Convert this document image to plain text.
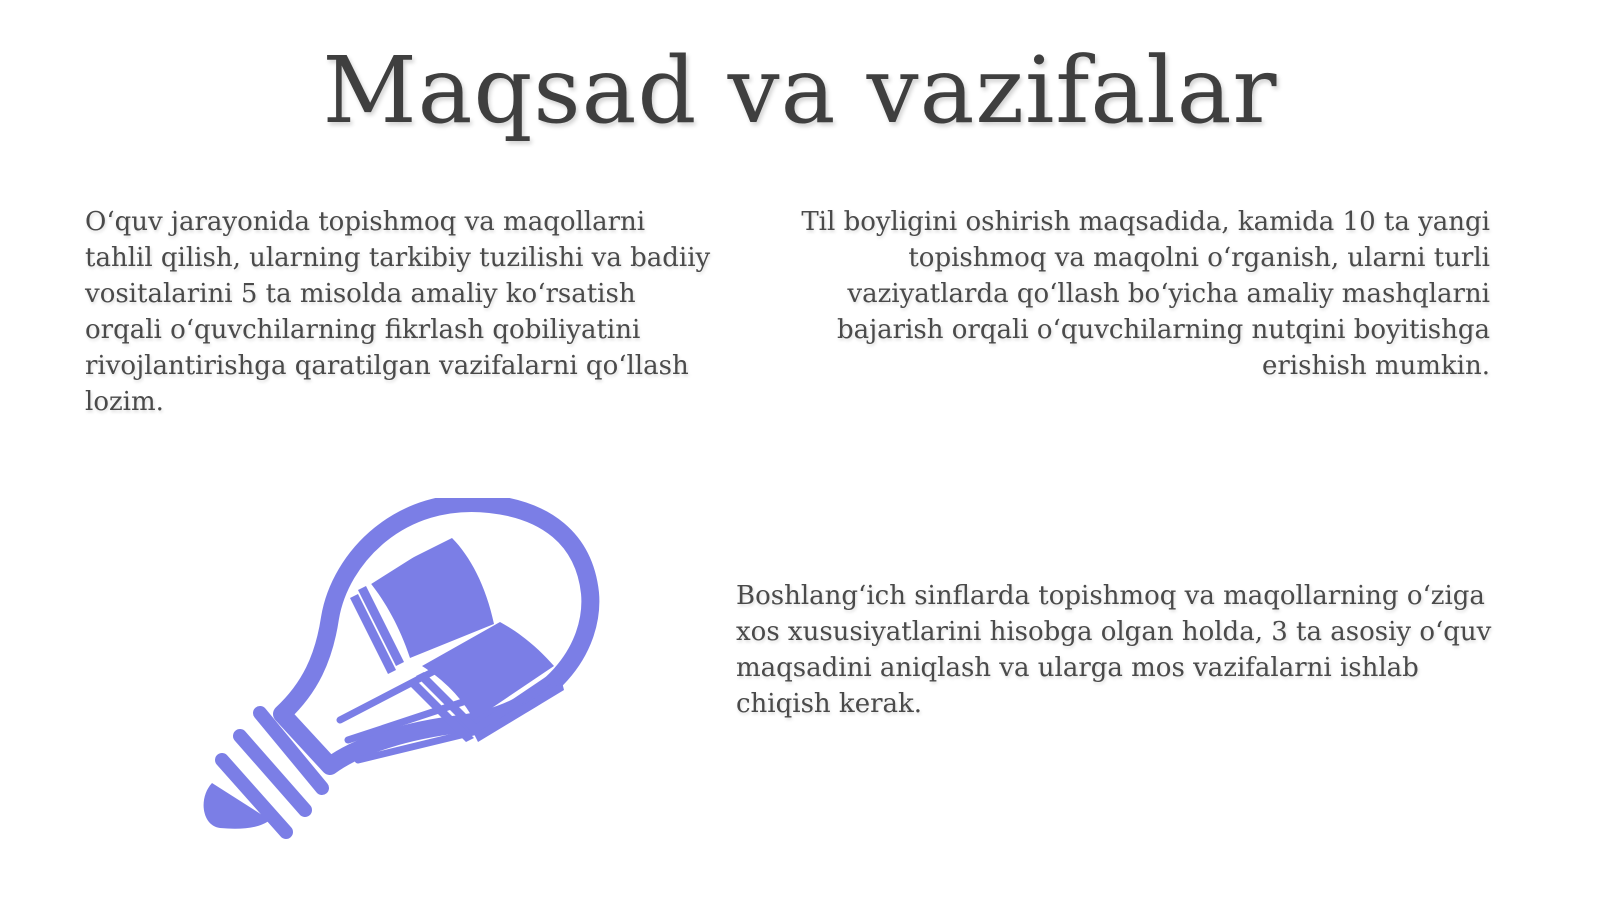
Maqsad va vazifalar

O‘quv jarayonida topishmoq va maqollarni tahlil qilish, ularning tarkibiy tuzilishi va badiiy vositalarini 5 ta misolda amaliy ko‘rsatish orqali o‘quvchilarning fikrlash qobiliyatini rivojlantirishga qaratilgan vazifalarni qo‘llash lozim.

Til boyligini oshirish maqsadida, kamida 10 ta yangi topishmoq va maqolni o‘rganish, ularni turli vaziyatlarda qo‘llash bo‘yicha amaliy mashqlarni bajarish orqali o‘quvchilarning nutqini boyitishga erishish mumkin.

Boshlang‘ich sinflarda topishmoq va maqollarning o‘ziga xos xususiyatlarini hisobga olgan holda, 3 ta asosiy o‘quv maqsadini aniqlash va ularga mos vazifalarni ishlab chiqish kerak.
